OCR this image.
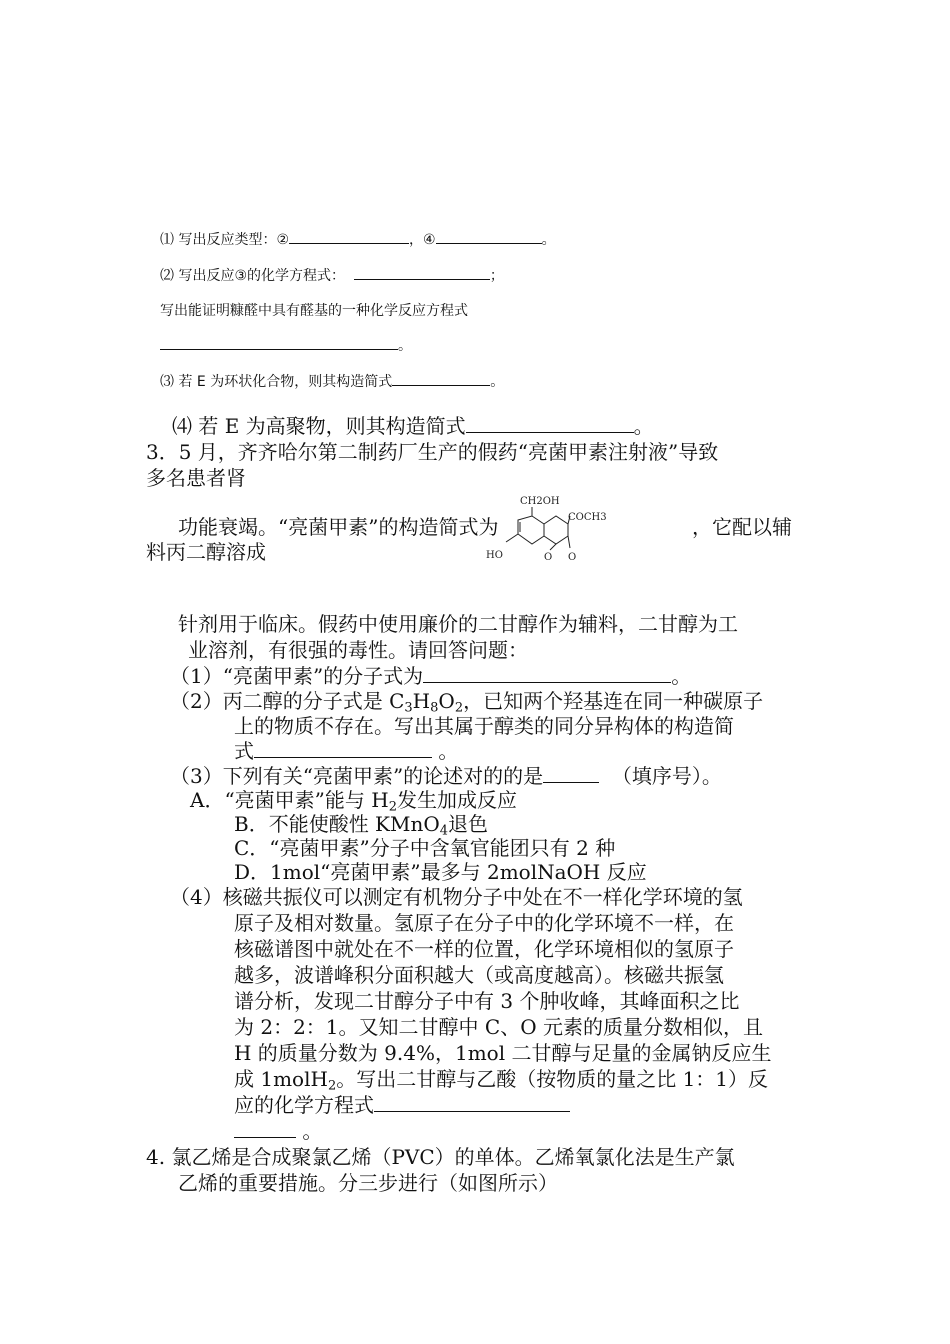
⑴ 写出反应类型：②	，④	。
⑵ 写出反应③的化学方程式：	；
写出能证明糠醛中具有醛基的一种化学反应方程式
。
⑶ 若 E 为环状化合物，则其构造简式	。
⑷ 若 E 为高聚物，则其构造简式	。
3．5 月，齐齐哈尔第二制药厂生产的假药“亮菌甲素注射液”导致
多名患者肾
功能衰竭。“亮菌甲素”的构造简式为	，它配以辅
料丙二醇溶成
CH2OH
COCH3
HO	O O
针剂用于临床。假药中使用廉价的二甘醇作为辅料，二甘醇为工
业溶剂，有很强的毒性。请回答问题：
（1）“亮菌甲素”的分子式为	。
（2）丙二醇的分子式是 $C_3H_8O_2$，已知两个羟基连在同一种碳原子
上的物质不存在。写出其属于醇类的同分异构体的构造简
式	。
（3）下列有关“亮菌甲素”的论述对的的是	（填序号）。
A．“亮菌甲素”能与 $H_2$发生加成反应
B．不能使酸性 KMnO$_4$退色
C．“亮菌甲素”分子中含氧官能团只有 2 种
D．1mol“亮菌甲素”最多与 2molNaOH 反应
（4）核磁共振仪可以测定有机物分子中处在不一样化学环境的氢
原子及相对数量。氢原子在分子中的化学环境不一样，在
核磁谱图中就处在不一样的位置，化学环境相似的氢原子
越多，波谱峰积分面积越大（或高度越高）。核磁共振氢
谱分析，发现二甘醇分子中有 3 个肿收峰，其峰面积之比
为 2：2：1。又知二甘醇中 C、O 元素的质量分数相似，且
H 的质量分数为 9.4%，1mol 二甘醇与足量的金属钠反应生
成 1molH$_2$。写出二甘醇与乙酸（按物质的量之比 1：1）反
应的化学方程式
。
4. 氯乙烯是合成聚氯乙烯（PVC）的单体。乙烯氧氯化法是生产氯
乙烯的重要措施。分三步进行（如图所示）
